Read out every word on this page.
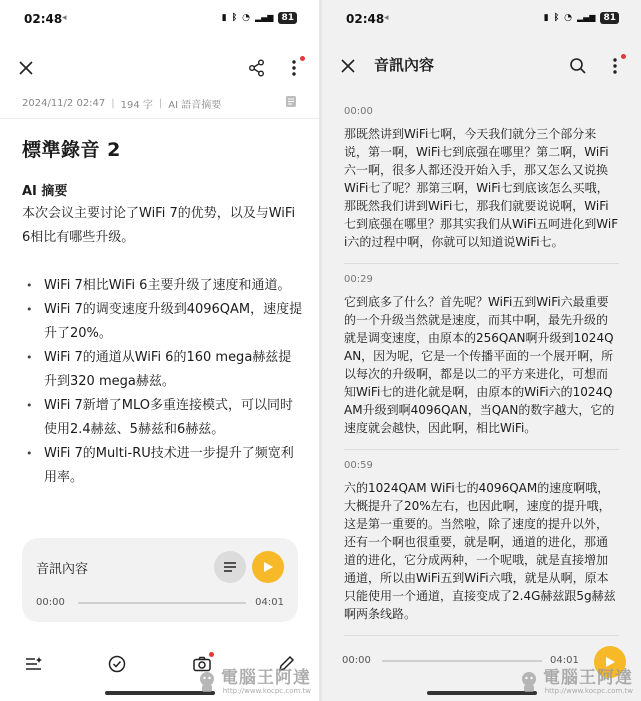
02:48 ◂	▮ ᛒ ◔ ▂▄▆ 81
2024/11/2 02:47 | 194 字 | AI 語音摘要
標準錄音 2
AI 摘要
本次会议主要讨论了WiFi 7的优势，以及与WiFi 6相比有哪些升级。
• WiFi 7相比WiFi 6主要升级了速度和通道。
• WiFi 7的调变速度升级到4096QAM，速度提升了20%。
• WiFi 7的通道从WiFi 6的160 mega赫兹提升到320 mega赫兹。
• WiFi 7新增了MLO多重连接模式，可以同时使用2.4赫兹、5赫兹和6赫兹。
• WiFi 7的Multi-RU技术进一步提升了频宽利用率。
音訊內容
00:00	04:01
02:48 ◂	▮ ᛒ ◔ ▂▄▆ 81
音訊內容
00:00
那既然讲到WiFi七啊，今天我们就分三个部分来说，第一啊，WiFi七到底强在哪里？第二啊，WiFi六一啊，很多人都还没开始入手，那又怎么又说换WiFi七了呢？那第三啊，WiFi七到底该怎么买哦，那既然我们讲到WiFi七，那我们就要说说啊，WiFi七到底强在哪里？那其实我们从WiFi五呵进化到WiFi六的过程中啊，你就可以知道说WiFi七。
00:29
它到底多了什么？首先呢？WiFi五到WiFi六最重要的一个升级当然就是速度，而其中啊，最先升级的就是调变速度，由原本的256QAN啊升级到1024QAN，因为呢，它是一个传播平面的一个展开啊，所以每次的升级啊，都是以二的平方来进化，可想而知WiFi七的进化就是啊，由原本的WiFi六的1024QAM升级到啊4096QAN，当QAN的数字越大，它的速度就会越快，因此啊，相比WiFi。
00:59
六的1024QAM WiFi七的4096QAM的速度啊哦，大概提升了20%左右，也因此啊，速度的提升哦，这是第一重要的。当然啦，除了速度的提升以外，还有一个啊也很重要，就是啊，通道的进化，那通道的进化，它分成两种，一个呢哦，就是直接增加通道，所以由WiFi五到WiFi六哦，就是从啊，原本只能使用一个通道，直接变成了2.4G赫兹跟5g赫兹啊两条线路。
00:00	04:01
電腦王阿達
http://www.kocpc.com.tw
電腦王阿達
http://www.kocpc.com.tw
